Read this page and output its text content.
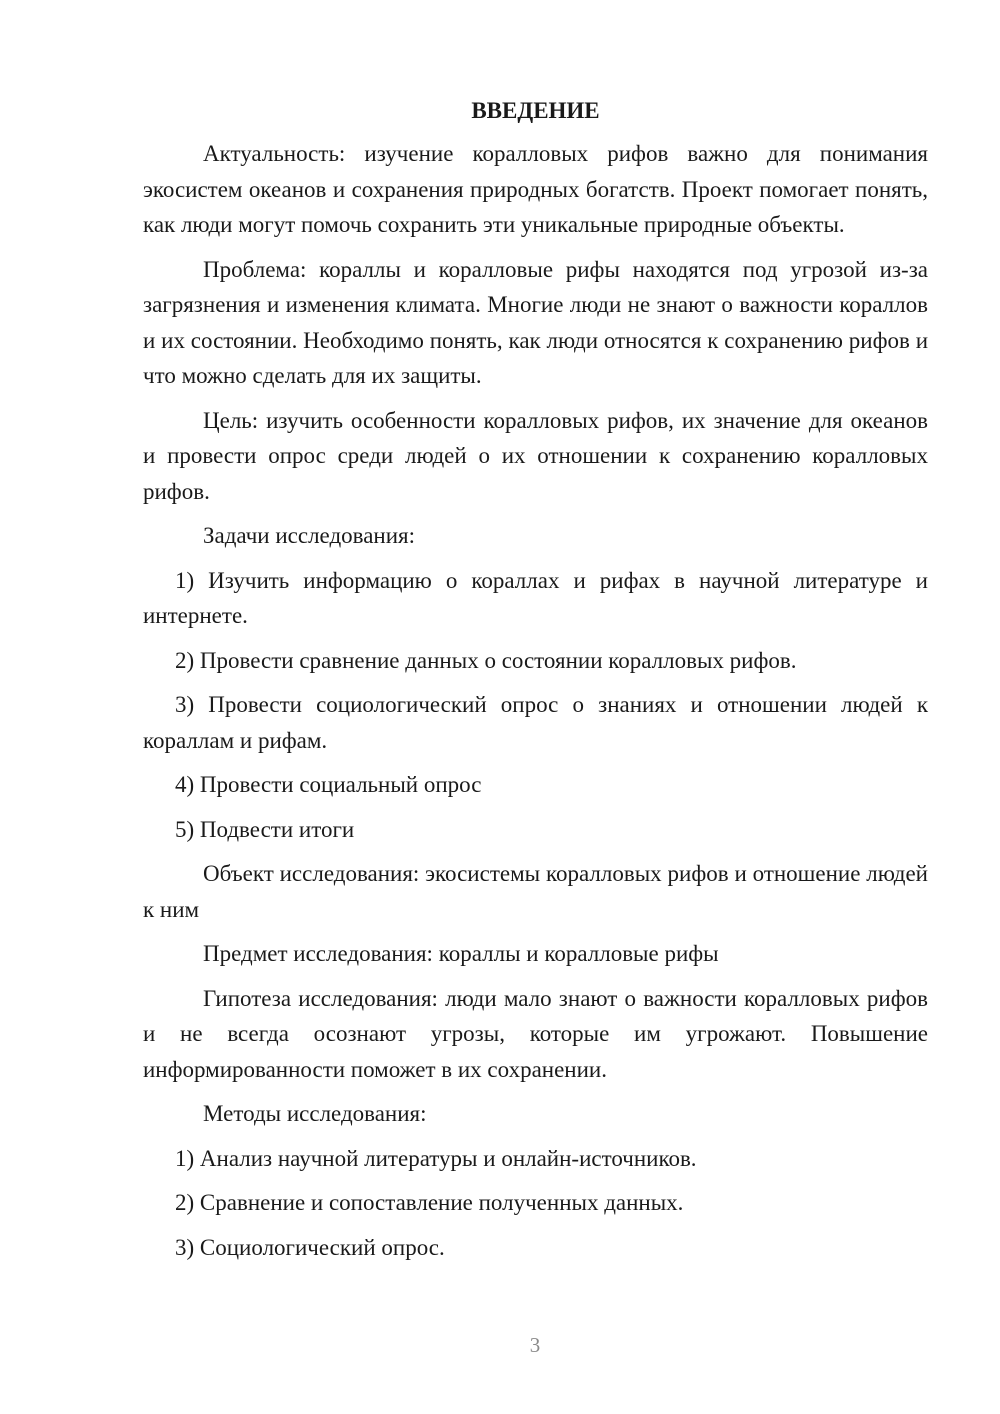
ВВЕДЕНИЕ

Актуальность: изучение коралловых рифов важно для понимания экосистем океанов и сохранения природных богатств. Проект помогает понять, как люди могут помочь сохранить эти уникальные природные объекты.

Проблема: кораллы и коралловые рифы находятся под угрозой из-за загрязнения и изменения климата. Многие люди не знают о важности кораллов и их состоянии. Необходимо понять, как люди относятся к сохранению рифов и что можно сделать для их защиты.

Цель: изучить особенности коралловых рифов, их значение для океанов и провести опрос среди людей о их отношении к сохранению коралловых рифов.

Задачи исследования:

1) Изучить информацию о кораллах и рифах в научной литературе и интернете.

2) Провести сравнение данных о состоянии коралловых рифов.

3) Провести социологический опрос о знаниях и отношении людей к кораллам и рифам.

4) Провести социальный опрос

5) Подвести итоги

Объект исследования: экосистемы коралловых рифов и отношение людей к ним

Предмет исследования: кораллы и коралловые рифы

Гипотеза исследования: люди мало знают о важности коралловых рифов и не всегда осознают угрозы, которые им угрожают. Повышение информированности поможет в их сохранении.

Методы исследования:

1) Анализ научной литературы и онлайн-источников.

2) Сравнение и сопоставление полученных данных.

3) Социологический опрос.

3
